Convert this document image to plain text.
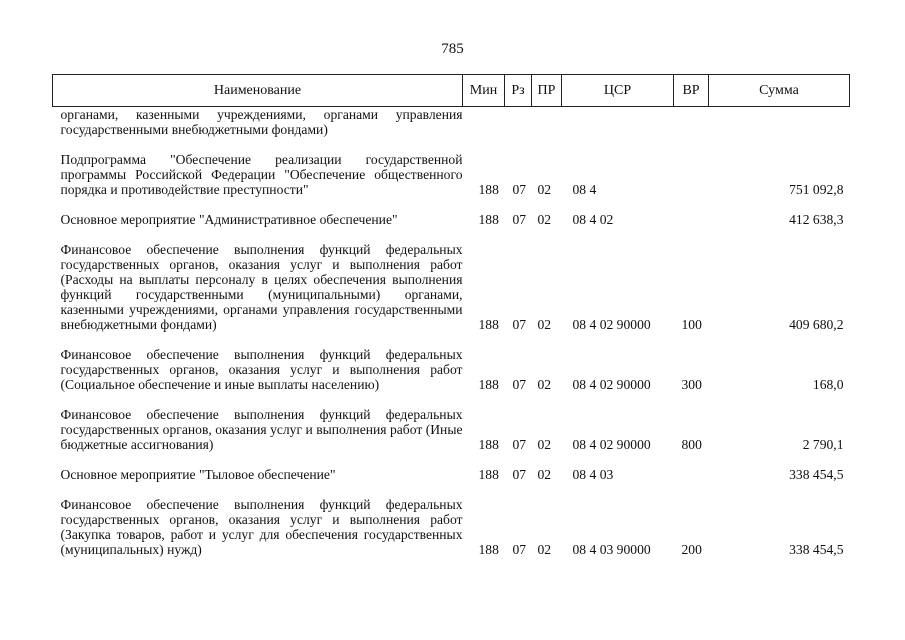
785
Наименование	Мин	Рз	ПР	ЦСР	ВР	Сумма
органами, казенными учреждениями, органами управления государственными внебюджетными фондами)						

Подпрограмма "Обеспечение реализации государственной программы Российской Федерации "Обеспечение общественного порядка и противодействие преступности"	188	07	02	08 4		751 092,8

Основное мероприятие "Административное обеспечение"	188	07	02	08 4 02		412 638,3

Финансовое обеспечение выполнения функций федеральных государственных органов, оказания услуг и выполнения работ (Расходы на выплаты персоналу в целях обеспечения выполнения функций государственными (муниципальными) органами, казенными учреждениями, органами управления государственными внебюджетными фондами)	188	07	02	08 4 02 90000	100	409 680,2

Финансовое обеспечение выполнения функций федеральных государственных органов, оказания услуг и выполнения работ (Социальное обеспечение и иные выплаты населению)	188	07	02	08 4 02 90000	300	168,0

Финансовое обеспечение выполнения функций федеральных государственных органов, оказания услуг и выполнения работ (Иные бюджетные ассигнования)	188	07	02	08 4 02 90000	800	2 790,1

Основное мероприятие "Тыловое обеспечение"	188	07	02	08 4 03		338 454,5

Финансовое обеспечение выполнения функций федеральных государственных органов, оказания услуг и выполнения работ (Закупка товаров, работ и услуг для обеспечения государственных (муниципальных) нужд)	188	07	02	08 4 03 90000	200	338 454,5
